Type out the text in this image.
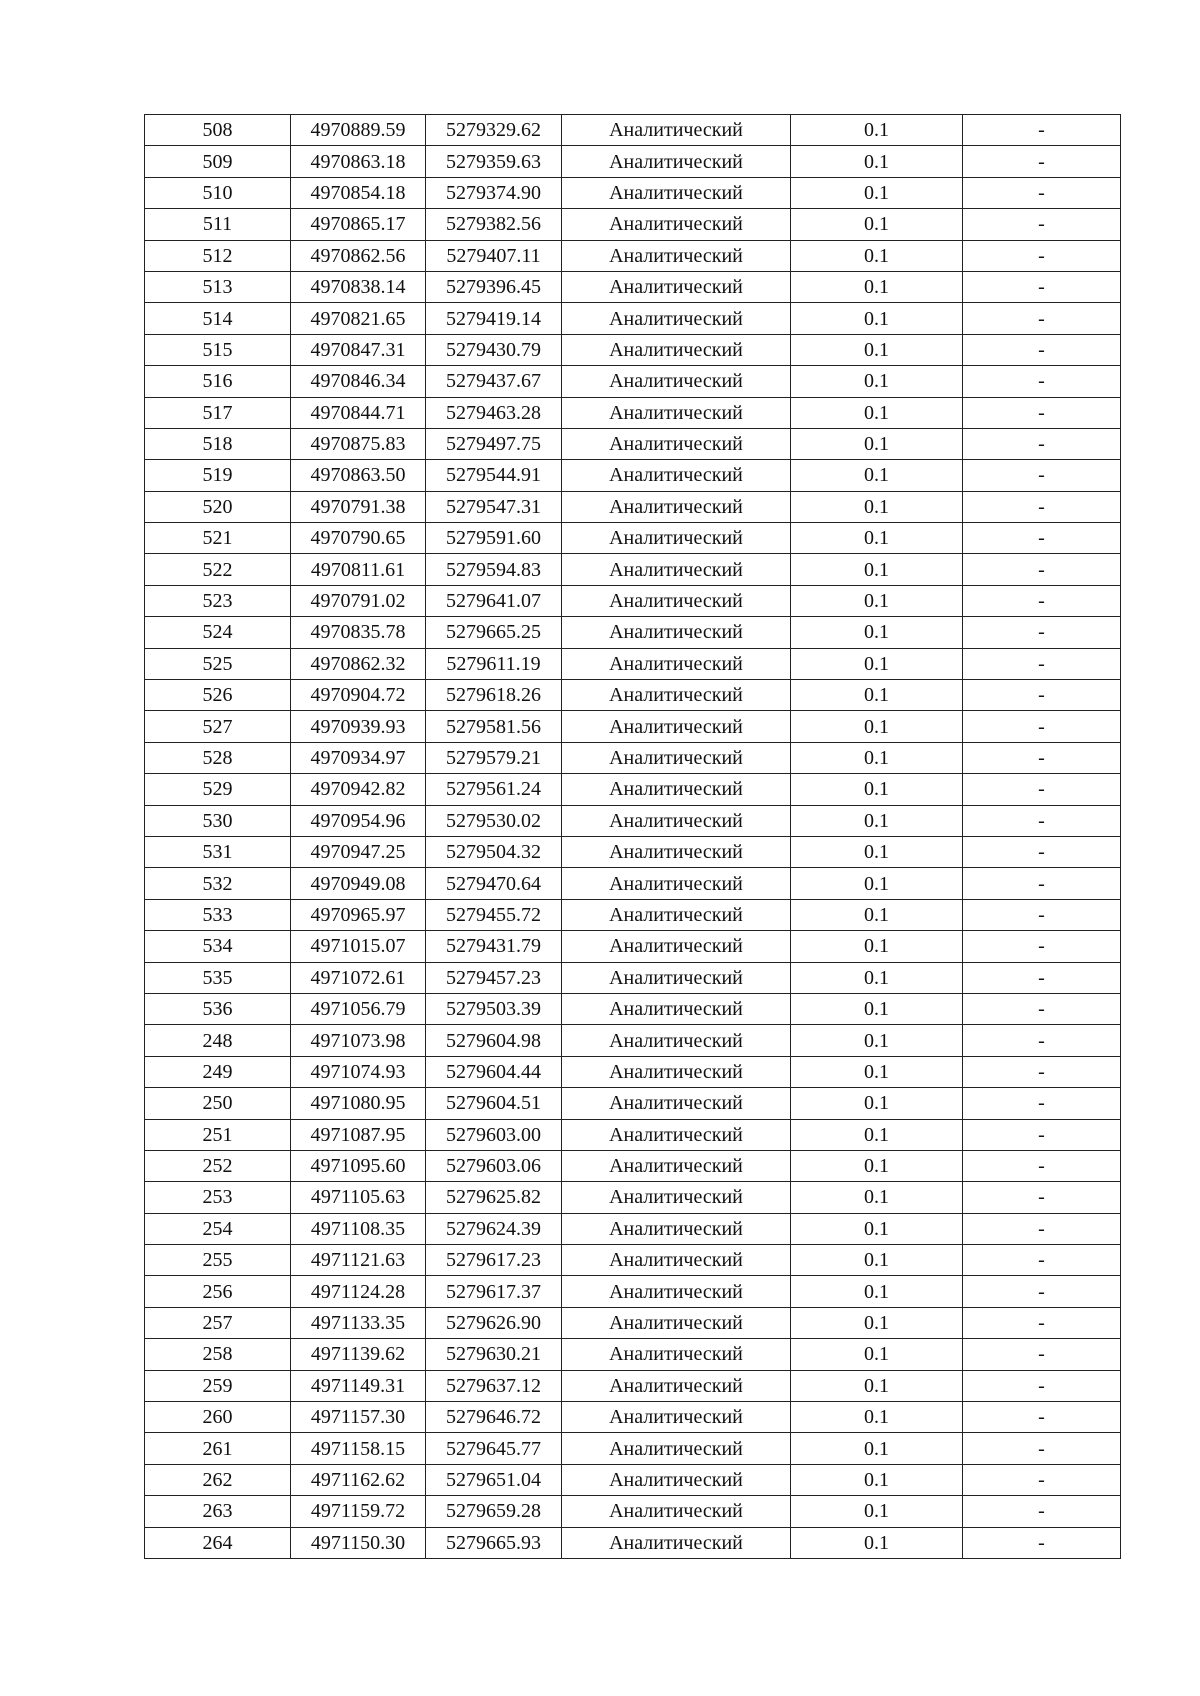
508	4970889.59	5279329.62	Аналитический	0.1	-
509	4970863.18	5279359.63	Аналитический	0.1	-
510	4970854.18	5279374.90	Аналитический	0.1	-
511	4970865.17	5279382.56	Аналитический	0.1	-
512	4970862.56	5279407.11	Аналитический	0.1	-
513	4970838.14	5279396.45	Аналитический	0.1	-
514	4970821.65	5279419.14	Аналитический	0.1	-
515	4970847.31	5279430.79	Аналитический	0.1	-
516	4970846.34	5279437.67	Аналитический	0.1	-
517	4970844.71	5279463.28	Аналитический	0.1	-
518	4970875.83	5279497.75	Аналитический	0.1	-
519	4970863.50	5279544.91	Аналитический	0.1	-
520	4970791.38	5279547.31	Аналитический	0.1	-
521	4970790.65	5279591.60	Аналитический	0.1	-
522	4970811.61	5279594.83	Аналитический	0.1	-
523	4970791.02	5279641.07	Аналитический	0.1	-
524	4970835.78	5279665.25	Аналитический	0.1	-
525	4970862.32	5279611.19	Аналитический	0.1	-
526	4970904.72	5279618.26	Аналитический	0.1	-
527	4970939.93	5279581.56	Аналитический	0.1	-
528	4970934.97	5279579.21	Аналитический	0.1	-
529	4970942.82	5279561.24	Аналитический	0.1	-
530	4970954.96	5279530.02	Аналитический	0.1	-
531	4970947.25	5279504.32	Аналитический	0.1	-
532	4970949.08	5279470.64	Аналитический	0.1	-
533	4970965.97	5279455.72	Аналитический	0.1	-
534	4971015.07	5279431.79	Аналитический	0.1	-
535	4971072.61	5279457.23	Аналитический	0.1	-
536	4971056.79	5279503.39	Аналитический	0.1	-
248	4971073.98	5279604.98	Аналитический	0.1	-
249	4971074.93	5279604.44	Аналитический	0.1	-
250	4971080.95	5279604.51	Аналитический	0.1	-
251	4971087.95	5279603.00	Аналитический	0.1	-
252	4971095.60	5279603.06	Аналитический	0.1	-
253	4971105.63	5279625.82	Аналитический	0.1	-
254	4971108.35	5279624.39	Аналитический	0.1	-
255	4971121.63	5279617.23	Аналитический	0.1	-
256	4971124.28	5279617.37	Аналитический	0.1	-
257	4971133.35	5279626.90	Аналитический	0.1	-
258	4971139.62	5279630.21	Аналитический	0.1	-
259	4971149.31	5279637.12	Аналитический	0.1	-
260	4971157.30	5279646.72	Аналитический	0.1	-
261	4971158.15	5279645.77	Аналитический	0.1	-
262	4971162.62	5279651.04	Аналитический	0.1	-
263	4971159.72	5279659.28	Аналитический	0.1	-
264	4971150.30	5279665.93	Аналитический	0.1	-
